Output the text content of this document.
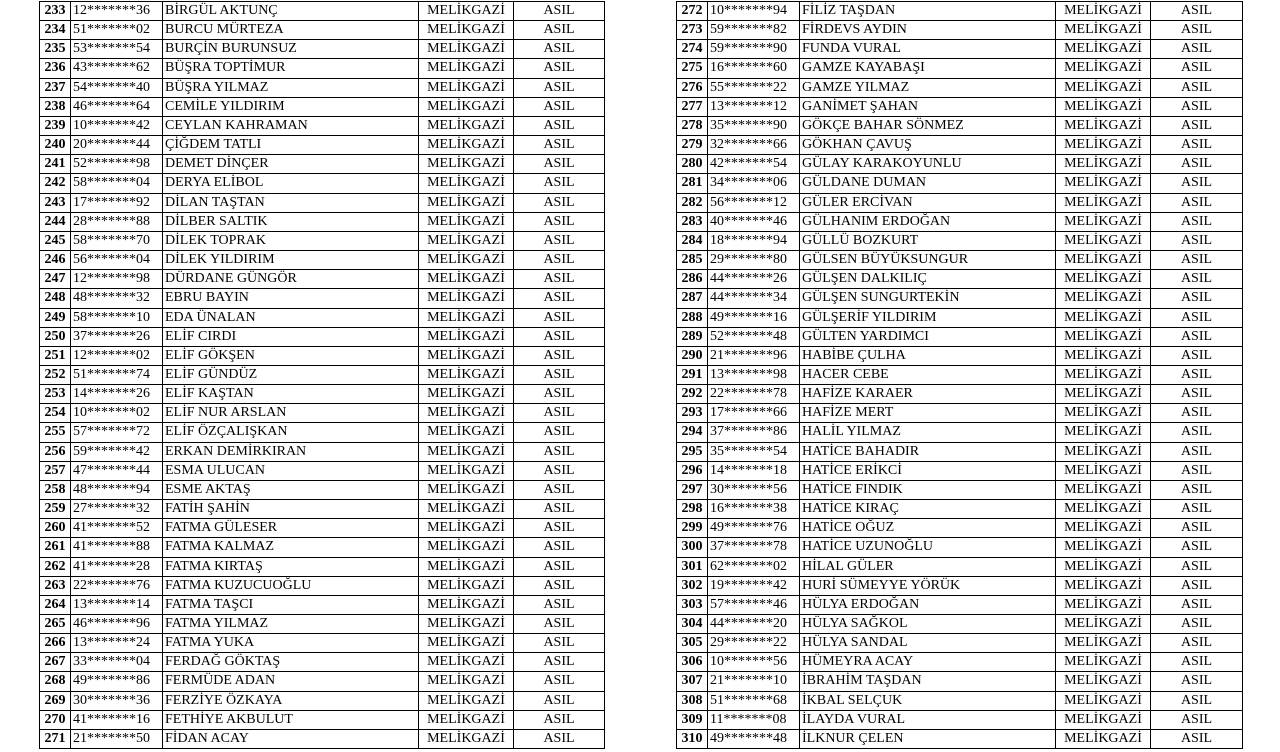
233	12*******36	BİRGÜL AKTUNÇ	MELİKGAZİ	ASIL
234	51*******02	BURCU MÜRTEZA	MELİKGAZİ	ASIL
235	53*******54	BURÇİN BURUNSUZ	MELİKGAZİ	ASIL
236	43*******62	BÜŞRA TOPTİMUR	MELİKGAZİ	ASIL
237	54*******40	BÜŞRA YILMAZ	MELİKGAZİ	ASIL
238	46*******64	CEMİLE YILDIRIM	MELİKGAZİ	ASIL
239	10*******42	CEYLAN KAHRAMAN	MELİKGAZİ	ASIL
240	20*******44	ÇİĞDEM TATLI	MELİKGAZİ	ASIL
241	52*******98	DEMET DİNÇER	MELİKGAZİ	ASIL
242	58*******04	DERYA ELİBOL	MELİKGAZİ	ASIL
243	17*******92	DİLAN TAŞTAN	MELİKGAZİ	ASIL
244	28*******88	DİLBER SALTIK	MELİKGAZİ	ASIL
245	58*******70	DİLEK TOPRAK	MELİKGAZİ	ASIL
246	56*******04	DİLEK YILDIRIM	MELİKGAZİ	ASIL
247	12*******98	DÜRDANE GÜNGÖR	MELİKGAZİ	ASIL
248	48*******32	EBRU BAYIN	MELİKGAZİ	ASIL
249	58*******10	EDA ÜNALAN	MELİKGAZİ	ASIL
250	37*******26	ELİF CIRDI	MELİKGAZİ	ASIL
251	12*******02	ELİF GÖKŞEN	MELİKGAZİ	ASIL
252	51*******74	ELİF GÜNDÜZ	MELİKGAZİ	ASIL
253	14*******26	ELİF KAŞTAN	MELİKGAZİ	ASIL
254	10*******02	ELİF NUR ARSLAN	MELİKGAZİ	ASIL
255	57*******72	ELİF ÖZÇALIŞKAN	MELİKGAZİ	ASIL
256	59*******42	ERKAN DEMİRKIRAN	MELİKGAZİ	ASIL
257	47*******44	ESMA ULUCAN	MELİKGAZİ	ASIL
258	48*******94	ESME AKTAŞ	MELİKGAZİ	ASIL
259	27*******32	FATİH ŞAHİN	MELİKGAZİ	ASIL
260	41*******52	FATMA GÜLESER	MELİKGAZİ	ASIL
261	41*******88	FATMA KALMAZ	MELİKGAZİ	ASIL
262	41*******28	FATMA KIRTAŞ	MELİKGAZİ	ASIL
263	22*******76	FATMA KUZUCUOĞLU	MELİKGAZİ	ASIL
264	13*******14	FATMA TAŞCI	MELİKGAZİ	ASIL
265	46*******96	FATMA YILMAZ	MELİKGAZİ	ASIL
266	13*******24	FATMA YUKA	MELİKGAZİ	ASIL
267	33*******04	FERDAĞ GÖKTAŞ	MELİKGAZİ	ASIL
268	49*******86	FERMÜDE ADAN	MELİKGAZİ	ASIL
269	30*******36	FERZİYE ÖZKAYA	MELİKGAZİ	ASIL
270	41*******16	FETHİYE AKBULUT	MELİKGAZİ	ASIL
271	21*******50	FİDAN ACAY	MELİKGAZİ	ASIL
272	10*******94	FİLİZ TAŞDAN	MELİKGAZİ	ASIL
273	59*******82	FİRDEVS AYDIN	MELİKGAZİ	ASIL
274	59*******90	FUNDA VURAL	MELİKGAZİ	ASIL
275	16*******60	GAMZE KAYABAŞI	MELİKGAZİ	ASIL
276	55*******22	GAMZE YILMAZ	MELİKGAZİ	ASIL
277	13*******12	GANİMET ŞAHAN	MELİKGAZİ	ASIL
278	35*******90	GÖKÇE BAHAR SÖNMEZ	MELİKGAZİ	ASIL
279	32*******66	GÖKHAN ÇAVUŞ	MELİKGAZİ	ASIL
280	42*******54	GÜLAY KARAKOYUNLU	MELİKGAZİ	ASIL
281	34*******06	GÜLDANE DUMAN	MELİKGAZİ	ASIL
282	56*******12	GÜLER ERCİVAN	MELİKGAZİ	ASIL
283	40*******46	GÜLHANIM ERDOĞAN	MELİKGAZİ	ASIL
284	18*******94	GÜLLÜ BOZKURT	MELİKGAZİ	ASIL
285	29*******80	GÜLSEN BÜYÜKSUNGUR	MELİKGAZİ	ASIL
286	44*******26	GÜLŞEN DALKILIÇ	MELİKGAZİ	ASIL
287	44*******34	GÜLŞEN SUNGURTEKİN	MELİKGAZİ	ASIL
288	49*******16	GÜLŞERİF YILDIRIM	MELİKGAZİ	ASIL
289	52*******48	GÜLTEN YARDIMCI	MELİKGAZİ	ASIL
290	21*******96	HABİBE ÇULHA	MELİKGAZİ	ASIL
291	13*******98	HACER CEBE	MELİKGAZİ	ASIL
292	22*******78	HAFİZE KARAER	MELİKGAZİ	ASIL
293	17*******66	HAFİZE MERT	MELİKGAZİ	ASIL
294	37*******86	HALİL YILMAZ	MELİKGAZİ	ASIL
295	35*******54	HATİCE BAHADIR	MELİKGAZİ	ASIL
296	14*******18	HATİCE ERİKCİ	MELİKGAZİ	ASIL
297	30*******56	HATİCE FINDIK	MELİKGAZİ	ASIL
298	16*******38	HATİCE KIRAÇ	MELİKGAZİ	ASIL
299	49*******76	HATİCE OĞUZ	MELİKGAZİ	ASIL
300	37*******78	HATİCE UZUNOĞLU	MELİKGAZİ	ASIL
301	62*******02	HİLAL GÜLER	MELİKGAZİ	ASIL
302	19*******42	HURİ SÜMEYYE YÖRÜK	MELİKGAZİ	ASIL
303	57*******46	HÜLYA ERDOĞAN	MELİKGAZİ	ASIL
304	44*******20	HÜLYA SAĞKOL	MELİKGAZİ	ASIL
305	29*******22	HÜLYA SANDAL	MELİKGAZİ	ASIL
306	10*******56	HÜMEYRA ACAY	MELİKGAZİ	ASIL
307	21*******10	İBRAHİM TAŞDAN	MELİKGAZİ	ASIL
308	51*******68	İKBAL SELÇUK	MELİKGAZİ	ASIL
309	11*******08	İLAYDA VURAL	MELİKGAZİ	ASIL
310	49*******48	İLKNUR ÇELEN	MELİKGAZİ	ASIL
